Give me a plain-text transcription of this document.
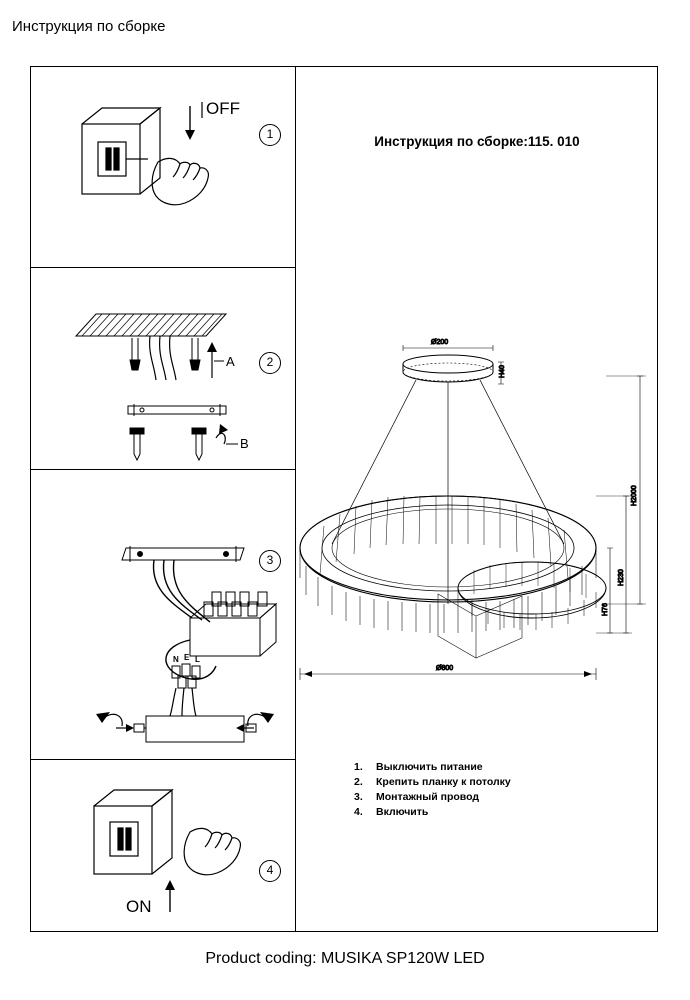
Инструкция по сборке
1
OFF
2
A
B
3
N E L
4
ON
Инструкция по сборке:115. 010
Ø200
H40
H2000
H230
H76
Ø800
1.	Выключить питание
2.	Крепить планку к потолку
3.	Монтажный провод
4.	Включить
Product coding: MUSIKA SP120W LED
